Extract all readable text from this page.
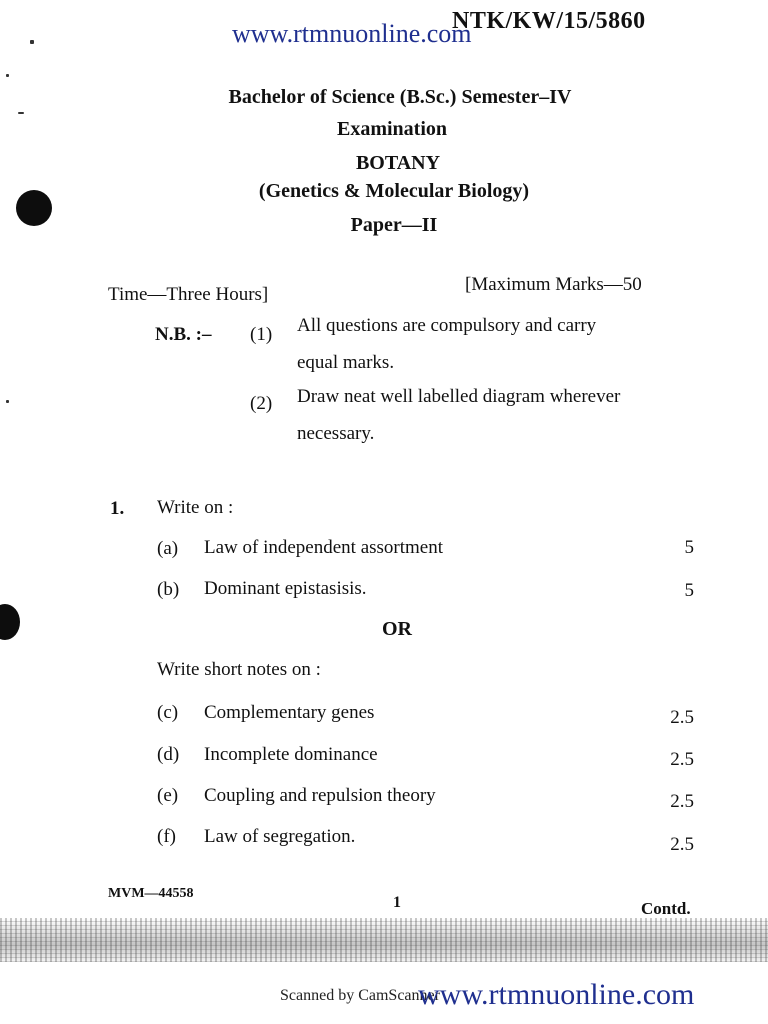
NTK/KW/15/5860
www.rtmnuonline.com
Bachelor of Science (B.Sc.) Semester–IV
Examination
BOTANY
(Genetics & Molecular Biology)
Paper—II
Time—Three Hours]	[Maximum Marks—50
N.B. :– (1) All questions are compulsory and carry
equal marks.
(2) Draw neat well labelled diagram wherever
necessary.
1. Write on :
(a) Law of independent assortment	5
(b) Dominant epistasisis.	5
OR
Write short notes on :
(c) Complementary genes	2.5
(d) Incomplete dominance	2.5
(e) Coupling and repulsion theory	2.5
(f) Law of segregation.	2.5
MVM—44558
1	Contd.
Scanned by CamScanner
www.rtmnuonline.com
